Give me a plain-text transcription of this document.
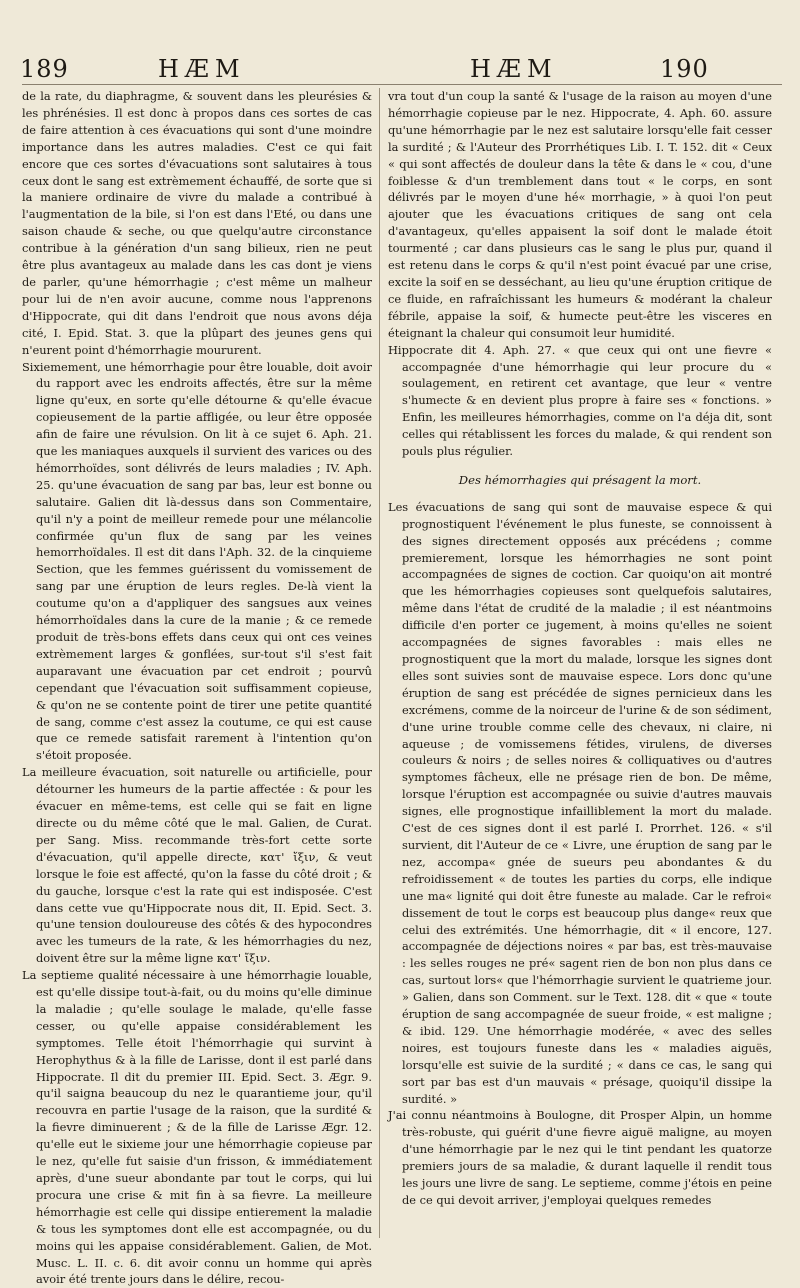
189	HÆM	HÆM	190

de la rate, du diaphragme, & souvent dans les pleurésies & les phrénésies. Il est donc à propos dans ces sortes de cas de faire attention à ces évacuations qui sont d'une moindre importance dans les autres maladies. C'est ce qui fait encore que ces sortes d'évacuations sont salutaires à tous ceux dont le sang est extrèmement échauffé, de sorte que si la maniere ordinaire de vivre du malade a contribué à l'augmentation de la bile, si l'on est dans l'Eté, ou dans une saison chaude & seche, ou que quelqu'autre circonstance contribue à la génération d'un sang bilieux, rien ne peut être plus avantageux au malade dans les cas dont je viens de parler, qu'une hémorrhagie ; c'est même un malheur pour lui de n'en avoir aucune, comme nous l'apprenons d'Hippocrate, qui dit dans l'endroit que nous avons déja cité, I. Epid. Stat. 3. que la plûpart des jeunes gens qui n'eurent point d'hémorrhagie moururent.

Sixiemement, une hémorrhagie pour être louable, doit avoir du rapport avec les endroits affectés, être sur la même ligne qu'eux, en sorte qu'elle détourne & qu'elle évacue copieusement de la partie affligée, ou leur être opposée afin de faire une révulsion. On lit à ce sujet 6. Aph. 21. que les maniaques auxquels il survient des varices ou des hémorrhoïdes, sont délivrés de leurs maladies ; IV. Aph. 25. qu'une évacuation de sang par bas, leur est bonne ou salutaire. Galien dit là-dessus dans son Commentaire, qu'il n'y a point de meilleur remede pour une mélancolie confirmée qu'un flux de sang par les veines hemorrhoïdales. Il est dit dans l'Aph. 32. de la cinquieme Section, que les femmes guérissent du vomissement de sang par une éruption de leurs regles. De-là vient la coutume qu'on a d'appliquer des sangsues aux veines hémorrhoïdales dans la cure de la manie ; & ce remede produit de très-bons effets dans ceux qui ont ces veines extrèmement larges & gonflées, sur-tout s'il s'est fait auparavant une évacuation par cet endroit ; pourvû cependant que l'évacuation soit suffisamment copieuse, & qu'on ne se contente point de tirer une petite quantité de sang, comme c'est assez la coutume, ce qui est cause que ce remede satisfait rarement à l'intention qu'on s'étoit proposée.

La meilleure évacuation, soit naturelle ou artificielle, pour détourner les humeurs de la partie affectée : & pour les évacuer en même-tems, est celle qui se fait en ligne directe ou du même côté que le mal. Galien, de Curat. per Sang. Miss. recommande très-fort cette sorte d'évacuation, qu'il appelle directe, κατ' ἴξιν, & veut lorsque le foie est affecté, qu'on la fasse du côté droit ; & du gauche, lorsque c'est la rate qui est indisposée. C'est dans cette vue qu'Hippocrate nous dit, II. Epid. Sect. 3. qu'une tension douloureuse des côtés & des hypocondres avec les tumeurs de la rate, & les hémorrhagies du nez, doivent être sur la même ligne κατ' ἴξιν.

La septieme qualité nécessaire à une hémorrhagie louable, est qu'elle dissipe tout-à-fait, ou du moins qu'elle diminue la maladie ; qu'elle soulage le malade, qu'elle fasse cesser, ou qu'elle appaise considérablement les symptomes. Telle étoit l'hémorrhagie qui survint à Herophythus & à la fille de Larisse, dont il est parlé dans Hippocrate. Il dit du premier III. Epid. Sect. 3. Ægr. 9. qu'il saigna beaucoup du nez le quarantieme jour, qu'il recouvra en partie l'usage de la raison, que la surdité & la fievre diminuerent ; & de la fille de Larisse Ægr. 12. qu'elle eut le sixieme jour une hémorrhagie copieuse par le nez, qu'elle fut saisie d'un frisson, & immédiatement après, d'une sueur abondante par tout le corps, qui lui procura une crise & mit fin à sa fievre. La meilleure hémorrhagie est celle qui dissipe entierement la maladie & tous les symptomes dont elle est accompagnée, ou du moins qui les appaise considérablement. Galien, de Mot. Musc. L. II. c. 6. dit avoir connu un homme qui après avoir été trente jours dans le délire, recou-

vra tout d'un coup la santé & l'usage de la raison au moyen d'une hémorrhagie copieuse par le nez. Hippocrate, 4. Aph. 60. assure qu'une hémorrhagie par le nez est salutaire lorsqu'elle fait cesser la surdité ; & l'Auteur des Prorrhétiques Lib. I. T. 152. dit « Ceux « qui sont affectés de douleur dans la tête & dans le « cou, d'une foiblesse & d'un tremblement dans tout « le corps, en sont délivrés par le moyen d'une hé« morrhagie, » à quoi l'on peut ajouter que les évacuations critiques de sang ont cela d'avantageux, qu'elles appaisent la soif dont le malade étoit tourmenté ; car dans plusieurs cas le sang le plus pur, quand il est retenu dans le corps & qu'il n'est point évacué par une crise, excite la soif en se desséchant, au lieu qu'une éruption critique de ce fluide, en rafraîchissant les humeurs & modérant la chaleur fébrile, appaise la soif, & humecte peut-être les visceres en éteignant la chaleur qui consumoit leur humidité.

Hippocrate dit 4. Aph. 27. « que ceux qui ont une fievre « accompagnée d'une hémorrhagie qui leur procure du « soulagement, en retirent cet avantage, que leur « ventre s'humecte & en devient plus propre à faire ses « fonctions. » Enfin, les meilleures hémorrhagies, comme on l'a déja dit, sont celles qui rétablissent les forces du malade, & qui rendent son pouls plus régulier.

Des hémorrhagies qui présagent la mort.

Les évacuations de sang qui sont de mauvaise espece & qui prognostiquent l'événement le plus funeste, se connoissent à des signes directement opposés aux précédens ; comme premierement, lorsque les hémorrhagies ne sont point accompagnées de signes de coction. Car quoiqu'on ait montré que les hémorrhagies copieuses sont quelquefois salutaires, même dans l'état de crudité de la maladie ; il est néantmoins difficile d'en porter ce jugement, à moins qu'elles ne soient accompagnées de signes favorables : mais elles ne prognostiquent que la mort du malade, lorsque les signes dont elles sont suivies sont de mauvaise espece. Lors donc qu'une éruption de sang est précédée de signes pernicieux dans les excrémens, comme de la noirceur de l'urine & de son sédiment, d'une urine trouble comme celle des chevaux, ni claire, ni aqueuse ; de vomissemens fétides, virulens, de diverses couleurs & noirs ; de selles noires & colliquatives ou d'autres symptomes fâcheux, elle ne présage rien de bon. De même, lorsque l'éruption est accompagnée ou suivie d'autres mauvais signes, elle prognostique infailliblement la mort du malade. C'est de ces signes dont il est parlé I. Prorrhet. 126. « s'il survient, dit l'Auteur de ce « Livre, une éruption de sang par le nez, accompa« gnée de sueurs peu abondantes & du refroidissement « de toutes les parties du corps, elle indique une ma« lignité qui doit être funeste au malade. Car le refroi« dissement de tout le corps est beaucoup plus dange« reux que celui des extrémités. Une hémorrhagie, dit « il encore, 127. accompagnée de déjections noires « par bas, est très-mauvaise : les selles rouges ne pré« sagent rien de bon non plus dans ce cas, surtout lors« que l'hémorrhagie survient le quatrieme jour. » Galien, dans son Comment. sur le Text. 128. dit « que « toute éruption de sang accompagnée de sueur froide, « est maligne ; & ibid. 129. Une hémorrhagie modérée, « avec des selles noires, est toujours funeste dans les « maladies aiguës, lorsqu'elle est suivie de la surdité ; « dans ce cas, le sang qui sort par bas est d'un mauvais « présage, quoiqu'il dissipe la surdité. »

J'ai connu néantmoins à Boulogne, dit Prosper Alpin, un homme très-robuste, qui guérit d'une fievre aiguë maligne, au moyen d'une hémorrhagie par le nez qui le tint pendant les quatorze premiers jours de sa maladie, & durant laquelle il rendit tous les jours une livre de sang. Le septieme, comme j'étois en peine de ce qui devoit arriver, j'employai quelques remedes
